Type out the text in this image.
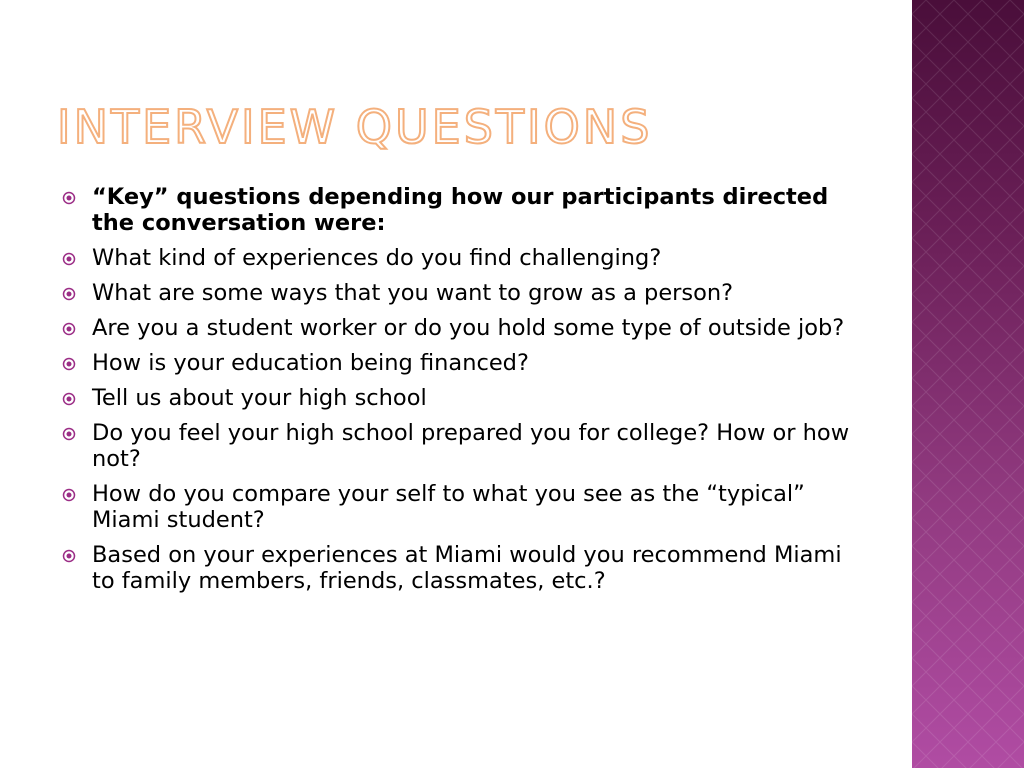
INTERVIEW QUESTIONS
“Key” questions depending how our participants directed the conversation were:
What kind of experiences do you find challenging?
What are some ways that you want to grow as a person?
Are you a student worker or do you hold some type of outside job?
How is your education being financed?
Tell us about your high school
Do you feel your high school prepared you for college? How or how not?
How do you compare your self to what you see as the “typical” Miami student?
Based on your experiences at Miami would you recommend Miami to family members, friends, classmates, etc.?
